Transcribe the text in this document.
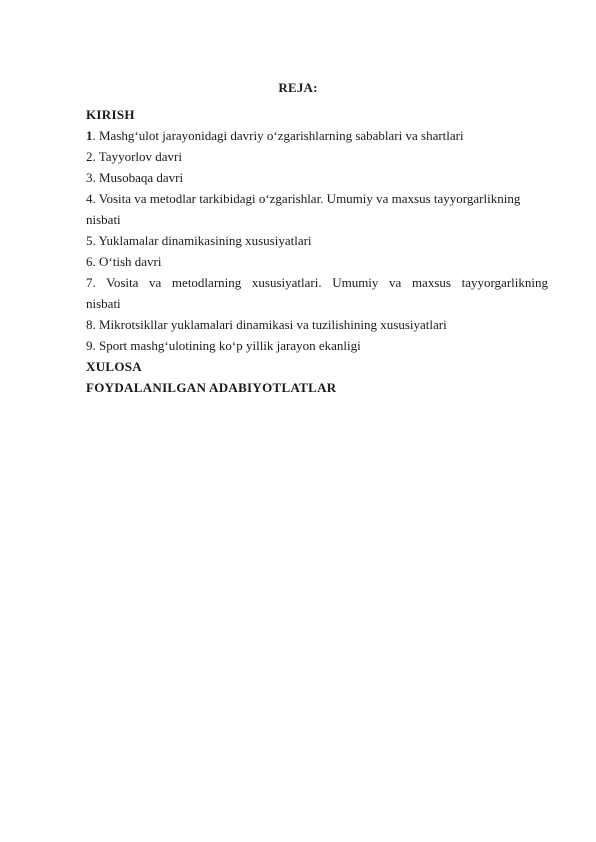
REJA:
KIRISH
1. Mashg‘ulot jarayonidagi davriy o‘zgarishlarning sabablari va shartlari
2. Tayyorlov davri
3. Musobaqa davri
4. Vosita va metodlar tarkibidagi o‘zgarishlar. Umumiy va maxsus tayyorgarlikning
nisbati
5. Yuklamalar dinamikasining xususiyatlari
6. O‘tish davri
7. Vosita va metodlarning xususiyatlari. Umumiy va maxsus tayyorgarlikning
nisbati
8. Mikrotsikllar yuklamalari dinamikasi va tuzilishining xususiyatlari
9. Sport mashg‘ulotining ko‘p yillik jarayon ekanligi
XULOSA
FOYDALANILGAN ADABIYOTLATLAR
